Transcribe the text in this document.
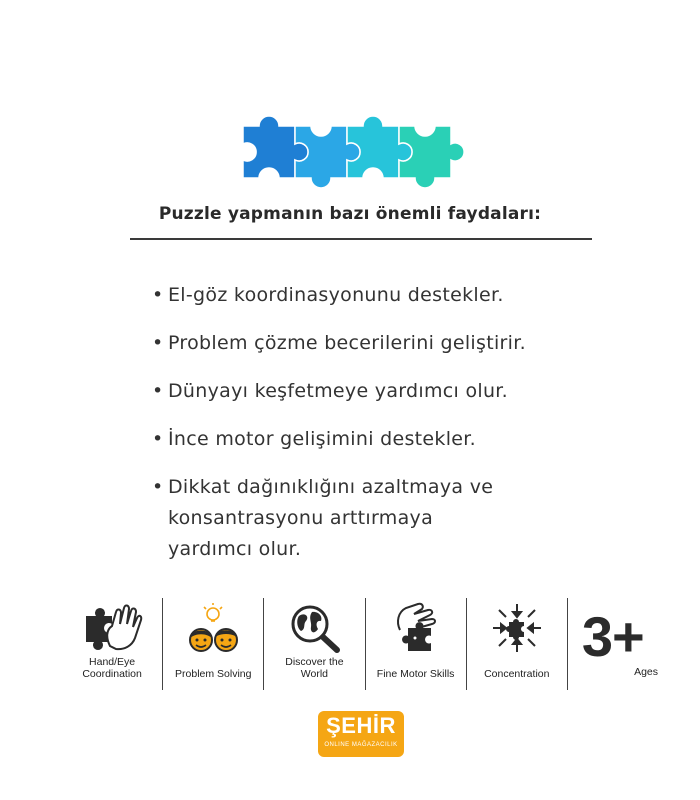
Puzzle yapmanın bazı önemli faydaları:
• El-göz koordinasyonunu destekler.
• Problem çözme becerilerini geliştirir.
• Dünyayı keşfetmeye yardımcı olur.
• İnce motor gelişimini destekler.
• Dikkat dağınıklığını azaltmaya ve konsantrasyonu arttırmaya yardımcı olur.
Hand/Eye Coordination	Problem Solving
Discover the World	Fine Motor Skills	Concentration
3+
Ages
ŞEHİR
ONLINE MAĞAZACILIK
